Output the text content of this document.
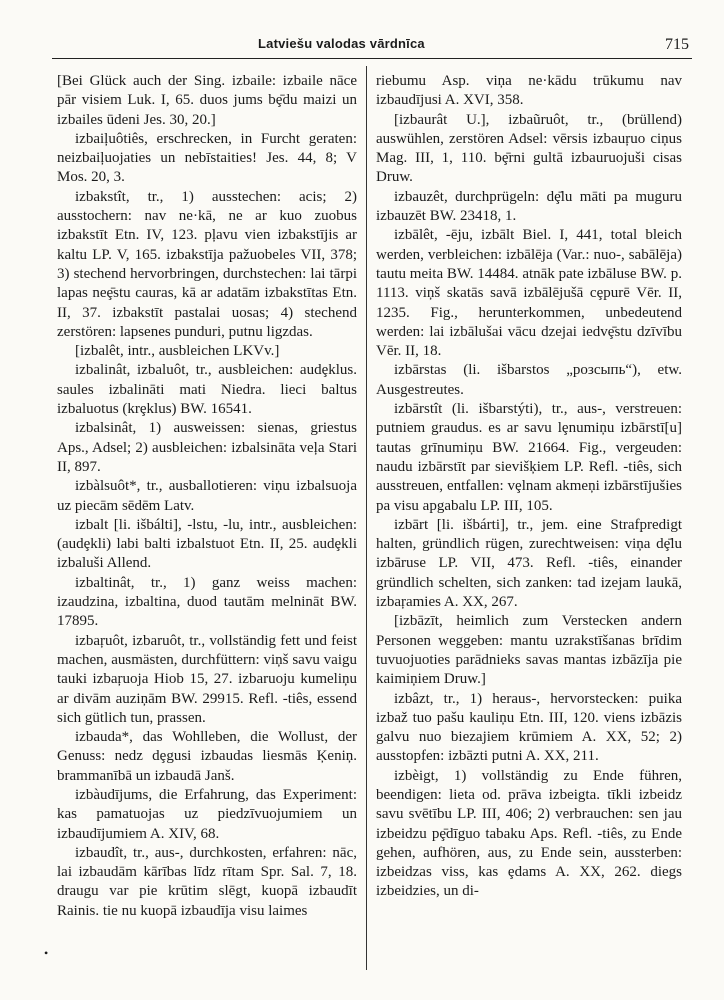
Latviešu valodas vārdnīca	715

[Bei Glück auch der Sing. izbaile: izbaile nāce pār visiem Luk. I, 65. duos jums bȩ̄du maizi un izbailes ūdeni Jes. 30, 20.]

izbaiļuôtiês, erschrecken, in Furcht geraten: neizbaiļuojaties un nebīstaities! Jes. 44, 8; V Mos. 20, 3.

izbakstît, tr., 1) ausstechen: acis; 2) ausstochern: nav ne·kā, ne ar kuo zuobus izbakstīt Etn. IV, 123. pļavu vien izbakstījis ar kaltu LP. V, 165. izbakstīja pažuobeles VII, 378; 3) stechend hervorbringen, durchstechen: lai tārpi lapas neȩ̄stu cauras, kā ar adatām izbakstītas Etn. II, 37. izbakstīt pastalai uosas; 4) stechend zerstören: lapsenes punduri, putnu ligzdas.

[izbalêt, intr., ausbleichen LKVv.]

izbalinât, izbaluôt, tr., ausbleichen: audȩklus. saules izbalināti mati Niedra. lieci baltus izbaluotus (krȩklus) BW. 16541.

izbalsinât, 1) ausweissen: sienas, griestus Aps., Adsel; 2) ausbleichen: izbalsināta veļa Stari II, 897.

izbàlsuôt*, tr., ausballotieren: viņu izbalsuoja uz piecām sēdēm Latv.

izbalt [li. išbálti], -lstu, -lu, intr., ausbleichen: (audȩkli) labi balti izbalstuot Etn. II, 25. audȩkli izbaluši Allend.

izbaltinât, tr., 1) ganz weiss machen: izaudzina, izbaltina, duod tautām melnināt BW. 17895.

izbaŗuôt, izbaruôt, tr., vollständig fett und feist machen, ausmästen, durchfüttern: viņš savu vaigu tauki izbaŗuoja Hiob 15, 27. izbaruoju kumeliņu ar divām auziņām BW. 29915. Refl. -tiês, essend sich gütlich tun, prassen.

izbauda*, das Wohlleben, die Wollust, der Genuss: nedz dȩgusi izbaudas liesmās Ķeniņ. brammanībā un izbaudā Janš.

izbàudījums, die Erfahrung, das Experiment: kas pamatuojas uz piedzīvuojumiem un izbaudījumiem A. XIV, 68.

izbaudît, tr., aus-, durchkosten, erfahren: nāc, lai izbaudām kārības līdz rītam Spr. Sal. 7, 18. draugu var pie krūtim slēgt, kuopā izbaudīt Rainis. tie nu kuopā izbaudīja visu laimes

•

riebumu Asp. viņa ne·kādu trūkumu nav izbaudījusi A. XVI, 358.

[izbaurât U.], izbaũruôt, tr., (brüllend) auswühlen, zerstören Adsel: vērsis izbauŗuo ciņus Mag. III, 1, 110. bȩ̄rni gultā izbauruojuši cisas Druw.

izbauzêt, durchprügeln: dȩ̄lu māti pa muguru izbauzēt BW. 23418, 1.

izbālêt, -ēju, izbālt Biel. I, 441, total bleich werden, verbleichen: izbālēja (Var.: nuo-, sabālēja) tautu meita BW. 14484. atnāk pate izbāluse BW. p. 1113. viņš skatās savā izbālējušā cȩpurē Vēr. II, 1235. Fig., herunterkommen, unbedeutend werden: lai izbālušai vācu dzejai iedvȩ̄stu dzīvību Vēr. II, 18.

izbārstas (li. išbarstos „розсыпь“), etw. Ausgestreutes.

izbārstît (li. išbarstýti), tr., aus-, verstreuen: putniem graudus. es ar savu lȩnumiņu izbārstī[u] tautas grīnumiņu BW. 21664. Fig., vergeuden: naudu izbārstīt par sievišķiem LP. Refl. -tiês, sich ausstreuen, entfallen: vȩlnam akmeņi izbārstījušies pa visu apgabalu LP. III, 105.

izbārt [li. išbárti], tr., jem. eine Strafpredigt halten, gründlich rügen, zurechtweisen: viņa dȩ̄lu izbāruse LP. VII, 473. Refl. -tiês, einander gründlich schelten, sich zanken: tad izejam laukā, izbaŗamies A. XX, 267.

[izbāzīt, heimlich zum Verstecken andern Personen weggeben: mantu uzrakstīšanas brīdim tuvuojuoties parādnieks savas mantas izbāzīja pie kaimiņiem Druw.]

izbâzt, tr., 1) heraus-, hervorstecken: puika izbaž tuo pašu kauliņu Etn. III, 120. viens izbāzis galvu nuo biezajiem krūmiem A. XX, 52; 2) ausstopfen: izbāzti putni A. XX, 211.

izbèigt, 1) vollständig zu Ende führen, beendigen: lieta od. prāva izbeigta. tīkli izbeidz savu svētību LP. III, 406; 2) verbrauchen: sen jau izbeidzu pȩ̄dīguo tabaku Aps. Refl. -tiês, zu Ende gehen, aufhören, aus, zu Ende sein, aussterben: izbeidzas viss, kas ȩdams A. XX, 262. diegs izbeidzies, un di-
